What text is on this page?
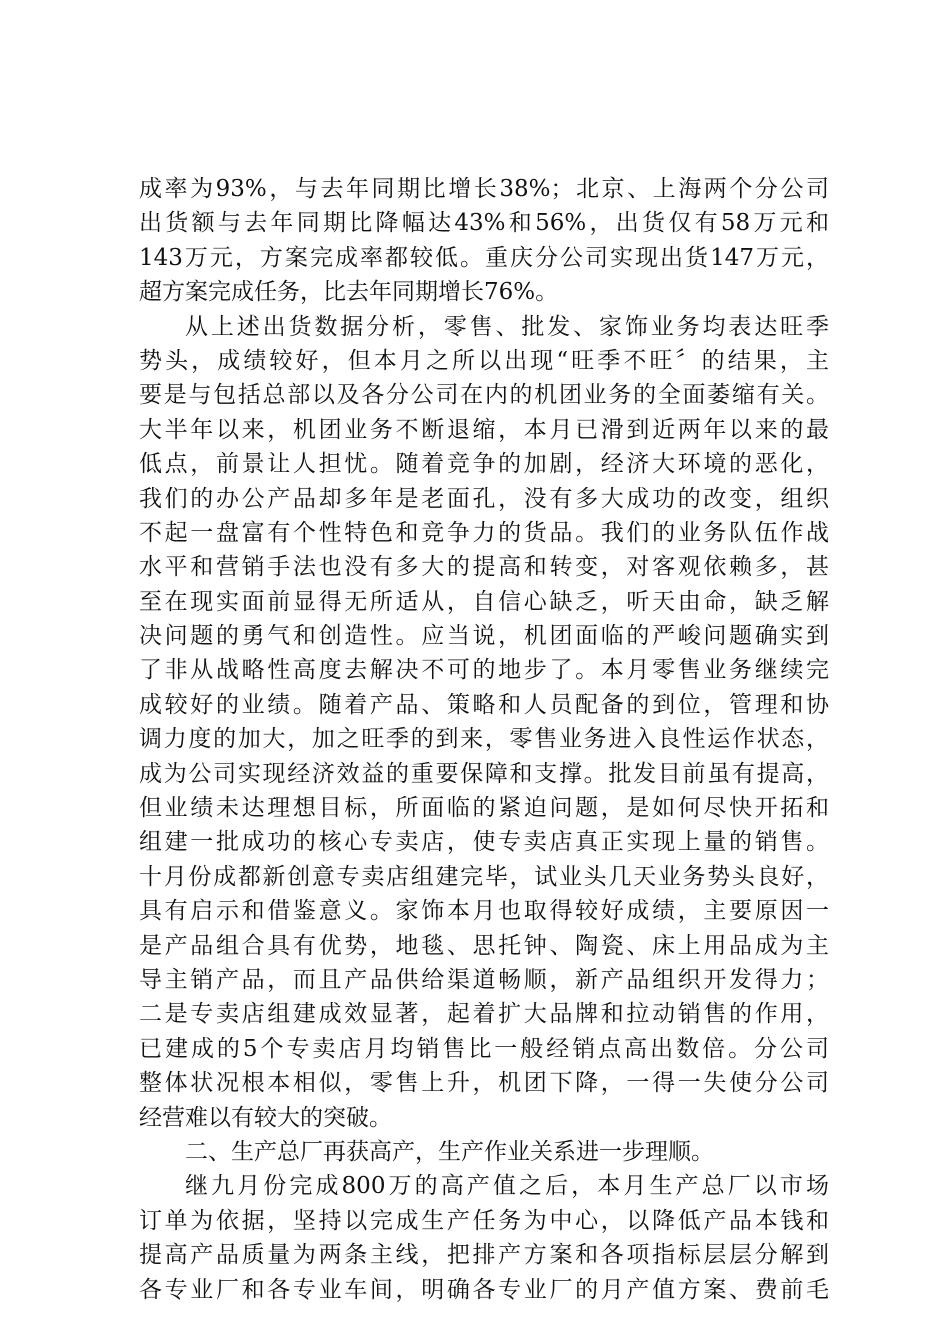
成率为93%，与去年同期比增长38%；北京、上海两个分公司
出货额与去年同期比降幅达43%和56%，出货仅有58万元和
143万元，方案完成率都较低。重庆分公司实现出货147万元，
超方案完成任务，比去年同期增长76%。
从上述出货数据分析，零售、批发、家饰业务均表达旺季
势头，成绩较好，但本月之所以出现“旺季不旺〞的结果，主
要是与包括总部以及各分公司在内的机团业务的全面萎缩有关。
大半年以来，机团业务不断退缩，本月已滑到近两年以来的最
低点，前景让人担忧。随着竞争的加剧，经济大环境的恶化，
我们的办公产品却多年是老面孔，没有多大成功的改变，组织
不起一盘富有个性特色和竞争力的货品。我们的业务队伍作战
水平和营销手法也没有多大的提高和转变，对客观依赖多，甚
至在现实面前显得无所适从，自信心缺乏，听天由命，缺乏解
决问题的勇气和创造性。应当说，机团面临的严峻问题确实到
了非从战略性高度去解决不可的地步了。本月零售业务继续完
成较好的业绩。随着产品、策略和人员配备的到位，管理和协
调力度的加大，加之旺季的到来，零售业务进入良性运作状态，
成为公司实现经济效益的重要保障和支撑。批发目前虽有提高，
但业绩未达理想目标，所面临的紧迫问题，是如何尽快开拓和
组建一批成功的核心专卖店，使专卖店真正实现上量的销售。
十月份成都新创意专卖店组建完毕，试业头几天业务势头良好，
具有启示和借鉴意义。家饰本月也取得较好成绩，主要原因一
是产品组合具有优势，地毯、思托钟、陶瓷、床上用品成为主
导主销产品，而且产品供给渠道畅顺，新产品组织开发得力；
二是专卖店组建成效显著，起着扩大品牌和拉动销售的作用，
已建成的5个专卖店月均销售比一般经销点高出数倍。分公司
整体状况根本相似，零售上升，机团下降，一得一失使分公司
经营难以有较大的突破。
二、生产总厂再获高产，生产作业关系进一步理顺。
继九月份完成800万的高产值之后，本月生产总厂以市场
订单为依据，坚持以完成生产任务为中心，以降低产品本钱和
提高产品质量为两条主线，把排产方案和各项指标层层分解到
各专业厂和各专业车间，明确各专业厂的月产值方案、费前毛
